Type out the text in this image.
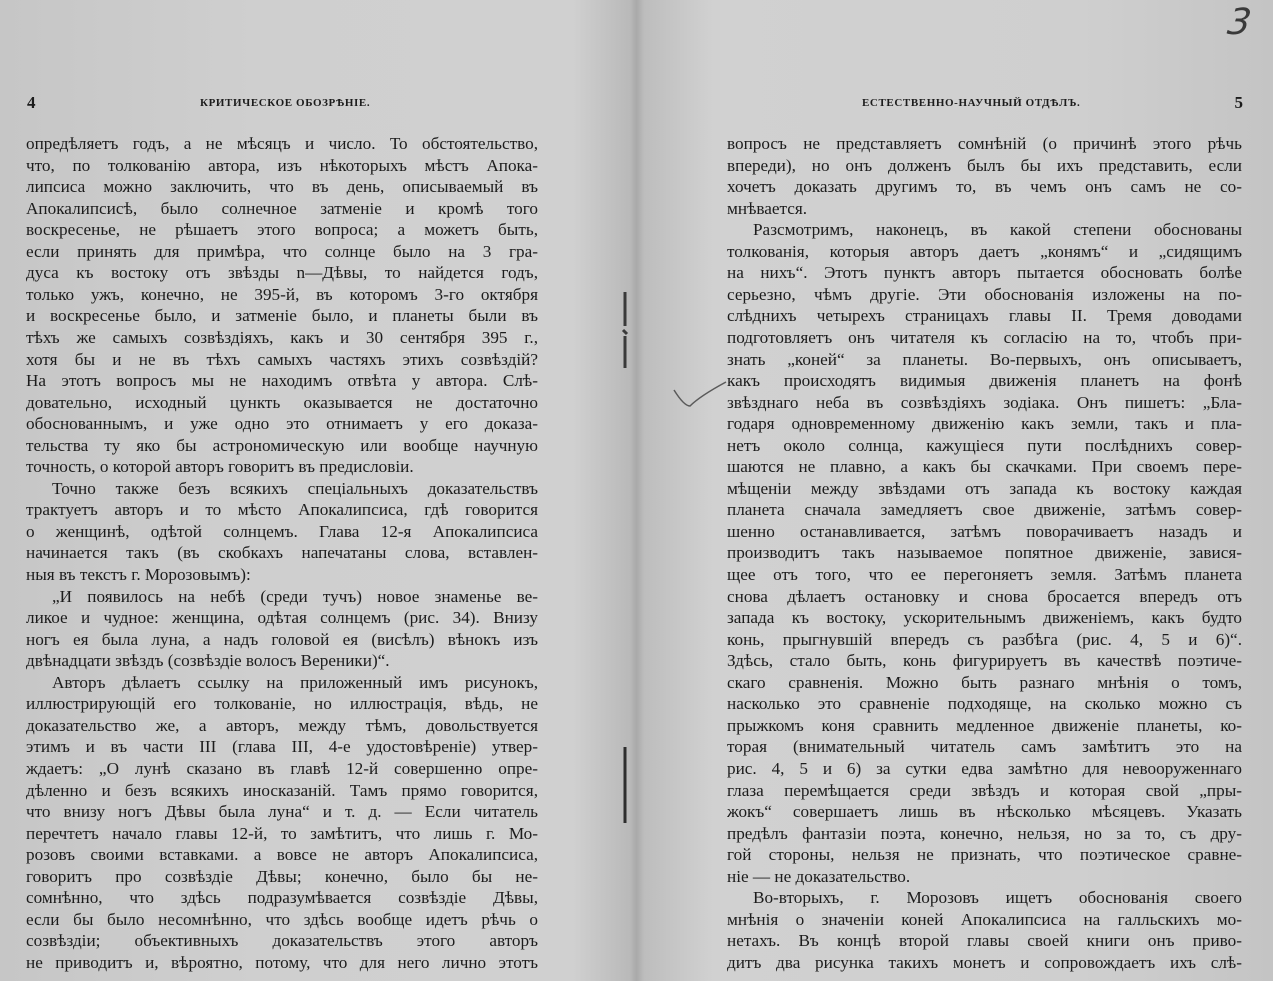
3
4	КРИТИЧЕСКОЕ ОБОЗРѢНІЕ.
опредѣляетъ годъ, а не мѣсяцъ и число. То обстоятельство,
что, по толкованію автора, изъ нѣкоторыхъ мѣстъ Апока-
липсиса можно заключить, что въ день, описываемый въ
Апокалипсисѣ, было солнечное затменіе и кромѣ того
воскресенье, не рѣшаетъ этого вопроса; а можетъ быть,
если принять для примѣра, что солнце было на 3 гра-
дуса къ востоку отъ звѣзды n—Дѣвы, то найдется годъ,
только ужъ, конечно, не 395-й, въ которомъ 3-го октября
и воскресенье было, и затменіе было, и планеты были въ
тѣхъ же самыхъ созвѣздіяхъ, какъ и 30 сентября 395 г.,
хотя бы и не въ тѣхъ самыхъ частяхъ этихъ созвѣздій?
На этотъ вопросъ мы не находимъ отвѣта у автора. Слѣ-
довательно, исходный цункть оказывается не достаточно
обоснованнымъ, и уже одно это отнимаетъ у его доказа-
тельства ту яко бы астрономическую или вообще научную
точность, о которой авторъ говоритъ въ предисловіи.
Точно также безъ всякихъ спеціальныхъ доказательствъ
трактуетъ авторъ и то мѣсто Апокалипсиса, гдѣ говорится
о женщинѣ, одѣтой солнцемъ. Глава 12-я Апокалипсиса
начинается такъ (въ скобкахъ напечатаны слова, вставлен-
ныя въ текстъ г. Морозовымъ):
„И появилось на небѣ (среди тучъ) новое знаменье ве-
ликое и чудное: женщина, одѣтая солнцемъ (рис. 34). Внизу
ногъ ея была луна, а надъ головой ея (висѣлъ) вѣнокъ изъ
двѣнадцати звѣздъ (созвѣздіе волосъ Вереники)“.
Авторъ дѣлаетъ ссылку на приложенный имъ рисунокъ,
иллюстрирующій его толкованіе, но иллюстрація, вѣдь, не
доказательство же, а авторъ, между тѣмъ, довольствуется
этимъ и въ части III (глава III, 4-е удостовѣреніе) утвер-
ждаетъ: „О лунѣ сказано въ главѣ 12-й совершенно опре-
дѣленно и безъ всякихъ иносказаній. Тамъ прямо говорится,
что внизу ногъ Дѣвы была луна“ и т. д. — Если читатель
перечтетъ начало главы 12-й, то замѣтитъ, что лишь г. Мо-
розовъ своими вставками. а вовсе не авторъ Апокалипсиса,
говоритъ про созвѣздіе Дѣвы; конечно, было бы не-
сомнѣнно, что здѣсь подразумѣвается созвѣздіе Дѣвы,
если бы было несомнѣнно, что здѣсь вообще идетъ рѣчь о
созвѣздіи; объективныхъ доказательствъ этого авторъ
не приводитъ и, вѣроятно, потому, что для него лично этотъ
5
ЕСТЕСТВЕННО-НАУЧНЫЙ ОТДѢЛЪ.
вопросъ не представляетъ сомнѣній (о причинѣ этого рѣчь
впереди), но онъ долженъ былъ бы ихъ представить, если
хочетъ доказать другимъ то, въ чемъ онъ самъ не со-
мнѣвается.
Разсмотримъ, наконецъ, въ какой степени обоснованы
толкованія, которыя авторъ даетъ „конямъ“ и „сидящимъ
на нихъ“. Этотъ пунктъ авторъ пытается обосновать болѣе
серьезно, чѣмъ другіе. Эти обоснованія изложены на по-
слѣднихъ четырехъ страницахъ главы II. Тремя доводами
подготовляетъ онъ читателя къ согласію на то, чтобъ при-
знать „коней“ за планеты. Во-первыхъ, онъ описываетъ,
какъ происходятъ видимыя движенія планетъ на фонѣ
звѣзднаго неба въ созвѣздіяхъ зодіака. Онъ пишетъ: „Бла-
годаря одновременному движенію какъ земли, такъ и пла-
нетъ около солнца, кажущіеся пути послѣднихъ совер-
шаются не плавно, а какъ бы скачками. При своемъ пере-
мѣщеніи между звѣздами отъ запада къ востоку каждая
планета сначала замедляетъ свое движеніе, затѣмъ совер-
шенно останавливается, затѣмъ поворачиваетъ назадъ и
производитъ такъ называемое попятное движеніе, завися-
щее отъ того, что ее перегоняетъ земля. Затѣмъ планета
снова дѣлаетъ остановку и снова бросается впередъ отъ
запада къ востоку, ускорительнымъ движеніемъ, какъ будто
конь, прыгнувшій впередъ съ разбѣга (рис. 4, 5 и 6)“.
Здѣсь, стало быть, конь фигурируетъ въ качествѣ поэтичe-
скаго сравненія. Можно быть разнаго мнѣнія о томъ,
насколько это сравненіе подходяще, на сколько можно съ
прыжкомъ коня сравнить медленное движеніе планеты, ко-
торая (внимательный читатель самъ замѣтитъ это на
рис. 4, 5 и 6) за сутки едва замѣтно для невооруженнаго
глаза перемѣщается среди звѣздъ и которая свой „пры-
жокъ“ совершаетъ лишь въ нѣсколько мѣсяцевъ. Указать
предѣлъ фантазіи поэта, конечно, нельзя, но за то, съ дру-
гой стороны, нельзя не признать, что поэтическое сравне-
ніе — не доказательство.
Во-вторыхъ, г. Морозовъ ищетъ обоснованія своего
мнѣнія о значеніи коней Апокалипсиса на галльскихъ мо-
нетахъ. Въ концѣ второй главы своей книги онъ приво-
дитъ два рисунка такихъ монетъ и сопровождаетъ ихъ слѣ-
